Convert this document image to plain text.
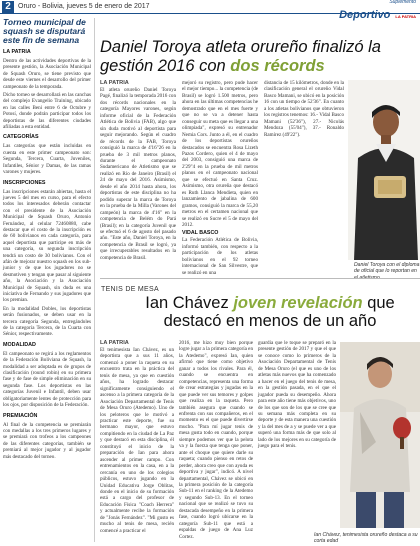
2	Oruro - Bolivia, jueves 5 de enero de 2017
Suplemento
Deportivo LA PATRIA
Torneo municipal de squash se disputará este fin de semana
LA PATRIA

Dentro de las actividades deportivas de la presente gestión, la Asociación Municipal de Squash Oruro, se tiene previsto que desde este viernes el desarrollo del primer campeonato de la temporada.

Dicho torneo se desarrollará en las canchas del complejo Evangelio Training, ubicado en las calles Beni entre 6 de Octubre y Potosí, donde podrán participar todos los deportistas de las diferentes ciudades afiliadas a esta entidad.

CATEGORÍAS

Las categorías que están incluidas en cuenta en este primer campeonato son: Segunda, Tercera, Cuarta, Juveniles, Infantiles, Sénior y Damas, de las ramas varones y mujeres.

INSCRIPCIONES

Las inscripciones estarán abiertas, hasta el jueves 5 del mes en curso, para el efecto todos los interesados deberán contactar con el presidente de la Asociación Municipal de Squash Oruro, Antonio Fernández, al celular 72460880, cabe destacar que el costo de la inscripción es de 60 bolivianos en cada categoría, para aquel deportista que participe en más de una categoría, su segunda inscripción tendrá un costo de 30 bolivianos. Con el afán de mejorar nuestro squash en los sub-junior y de que los jugadores no se desmotiven y tengan que pasar al siguiente año, la Asociación y la Asociación Municipal de Squash, sin duda es una iniciativa de Fernando y sus jugadores que los premian.

En la modalidad Dobles, los deportistas serán fusionados, se deben usar en la tercera categoría Segunda, entregándoles de la categoría Tercera, de la Cuarta con Sénior, respectivamente.

MODALIDAD

El campeonato se regirá a los reglamentos de la Federación Boliviana de Squash, la modalidad a ser adoptada es de grupos de clasificación (round robin) en su primera fase y de fase de simple eliminación en su segunda fase. Los deportistas en las categorías Juvenil e Infantil, deben usar obligatoriamente lentes de protección para los ojos, por disposición de la Federación.

PREMIACIÓN

Al final de la competencia se premiarán con medallas a los tres primeros lugares y se premiará con trofeos a los campeones de las diferentes categorías, también se premiará al mejor jugador y al jugador más destacado del torneo.

Daniel Toroya atleta orureño finalizó la gestión 2016 con dos récords
LA PATRIA
El atleta orureño Daniel Toroya Pagé, finalizó la temporada 2016 con dos récords nacionales en la categoría Mayores varones, según informe oficial de la Federación Atlética de Bolivia (FAB), algo que sin duda motivó al deportista para seguir mejorando. Según el cuadro de récords de la FAB, Toroya consiguió la marca de 4'16"26 en la prueba de 3 mil metros planos, durante el campeonato Sudamericano de Atletismo que se realizó en Río de Janeiro (Brasil) el 24 de mayo del 2016. Asimismo, desde el año 2014 hasta ahora, los deportistas de este disciplina no ha podido superar la marca de Toroya en la prueba de la Milla (Varones del campeón) la marca de 4'16" en la competencia de Belém do Pará (Brasil); en la categoría Juvenil que se efectuó el 6 de agosto del pasado año. "Este año, Daniel Toroya, en la competencia de Brasil se logró, ya que irrecuperables resultados en la competencia de Brasil.
mejoró su registro, pero pude hacer el mejor tiempo... la competencia (de Brasil) se logró 1.500 metros, pero ahora en las últimas competencias he demostrado que en el mes fuerte y que no se va a detener hasta conseguir su meta que es llegar a una olimpiada", expresó su entrenador Nemia Cors. Junto a él, en el cuadro de los deportistas orureños destacados se encuentra Rosa Lizeth Pazos Cordero, quien el 4 de mayo del 2003, consiguió una marca de 2'29"4 en la prueba de mil metros planos en el campeonato nacional que se efectuó en Santa Cruz. Asimismo, otra orureña que destacó es Ruth Llanca Mendieta, quien en lanzamiento de jabalina de 600 gramos, consiguió la marca de 55,20 metros en el certamen nacional que se realizó en Sucre el 5 de mayo del 2012.
VIDAL BASCO
La Federación Atlética de Bolivia, informó también, con respecto a la participación de los atletas bolivianos en el 92 torneo internacional de San Silvestre, que se realizó en una
distancia de 15 kilómetros, donde en la clasificación general el orureño Vidal Basco Mamani, se ubicó en la posición 16 con un tiempo de 52'36". En cuanto a los atletas bolivianos que obtuvieron los registros tenemos: 16.- Vidal Basco Mamani (52'36"), 27.- Nicolás Mendoza (55'04"), 37.- Ronaldo Ramírez (49'22").
Daniel Toroya con el diploma de oficial que lo reportan en
TENIS DE MESA
Ian Chávez joven revelación que destacó en menos de un año
LA PATRIA
El tenimesista Ian Chávez, es un deportista que a sus 11 años, comenzó a poner la raqueta en su encuentro trata en la práctica del tenis de mesa, ya que en cuestión años, ha logrado destacar significamente consiguiendo el ascenso a la primera categoría de la Asociación Departamental de Tenis de Mesa Oruro (Atedemo). Uno de los peloteros que le motivó a practicar este deporte, fue su hermano mayor, que estuvo compitiendo en la ciudad de La Paz y que destacó en esta disciplina, él constituyó el inicio de la preparación de Ian para ahora ascender al primer campo. Con entrenamientos en la casa, en a la cercanía en uno de los colegios públicos, estuvo jugando en la Unidad Educativa Jorge Oblitas, donde en el inicio de su formación está a cargo del profesor de Educación Física "Coach Herrera" y actualmente recibe la formación de "Jonás Fernández". "Mi gusto es mucho al tenis de mesa, recién comencé a practicar el
2016, me hizo muy bien porque logre jugar a la primera categoría en la Atedemo", expresó Ian, quien afirmó que tiene como objetivo ganar a todos los rivales. Para él, cuando se encuentra en competencias, representa una forma de crear estrategias y jugadas en la que puede ver sus temores y golpes que realiza en la raqueta. Pero también asegura que cuando se enfrenta con sus compañeros, en el momento es el que puede divertirse mucho. "Para mí jugar tenis de mesa gusta todo en cuando, porque siempre podemos ver que la pelota va y la fuerza que tenga que poner, ante el choque que quiere darle su raqueta; cuando pienso en retos de perder, ahora creo que con ayuda es deportiva y jugar", indicó. A nivel departamental, Chávez se ubicó en la primera posición de la categoría Sub-11 en el ranking de la Atedemo y segundo Sub-13. En el torneo nacional que se realizó se tuvo su destacada desempeño en la primera fase, cuando logró ubicarse en la categoría Sub-11 que está a espaldas de juego de Ana Luz Cortez.
guardia que le toque se preparó en la presente gestión de 2017 y que el que se conoce como lo primeros de la Asociación Departamental de Tenis de Mesa Oruro (el que es uno de los atletas más nuevos que ha comenzado a hacer en el juego del tenis de mesa, en la gestión pasada, en el que el jugador pueda su desempeño. Ahora para este año tiene más objetivos, uno de los que son de los que se cree que su semana más completa en su deporte y de esta manera una cuestión y la del mes de a y se puede ver a que superó una forma más de que solo al lado de los mejores en su categoría de juego para el tenis.
Ian Chávez, tenimesista orureño destaca a su corta edad
